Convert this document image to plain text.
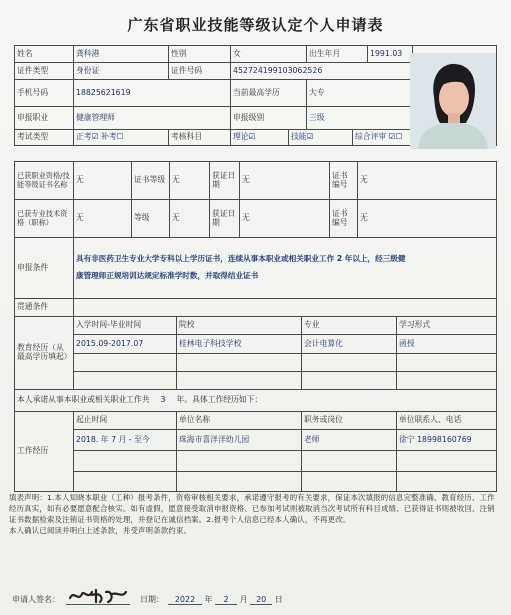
广东省职业技能等级认定个人申请表
姓名	龚科港	性别	女		出生年月		1991.03	
证件类型	身份证	证件号码	452724199103062526					
手机号码	18825621619		当前最高学历		大专			
申报职业	健康管理师		申报级别		三级			
考试类型	正考☑ 补考☐	考核科目	理论☑	技能☑		综合评审 ☑☐		
已获职业资格/技能等级证书名称	无	证书等级	无	获证日期	无	证书编号	无
已获专业技术资格（职称）	无	等级	无	获证日期	无	证书编号	无
申报条件	具有非医药卫生专业大学专科以上学历证书，连续从事本职业或相关职业工作 2 年以上，经三级健
康管理师正规培训达规定标准学时数，并取得结业证书

贯通条件	
教育经历（从最高学历填起）	入学时间-毕业时间	院校	专业	学习形式
	2015.09-2017.07	桂林电子科技学校	会计电算化	函授

本人承诺从事本职业或相关职业工作共 3 年。具体工作经历如下：				
工作经历	起止时间	单位名称	职务或岗位	单位联系人、电话
	2018. 年 7 月 - 至今	珠海市喜洋洋幼儿园	老师	徐宁 18998160769

填表声明：1.本人知晓本职业（工种）报考条件，资格审核相关要求，承诺遵守报考的有关要求，保证本次填报的信息完整准确、教育经历、工作经历真实，如有必要愿意配合核实。如有虚假，愿意接受取消申报资格、已参加考试则被取消当次考试所有科目成绩、已获得证书则被收回、注销证书数据检索及注销证书资格的处理，并登记在诚信档案。2.报考个人信息已经本人确认，不再更改。
本人确认已阅读并明白上述条款，并受声明条款约束。
申请人签名：	日期：	2022 年 2 月 20 日
